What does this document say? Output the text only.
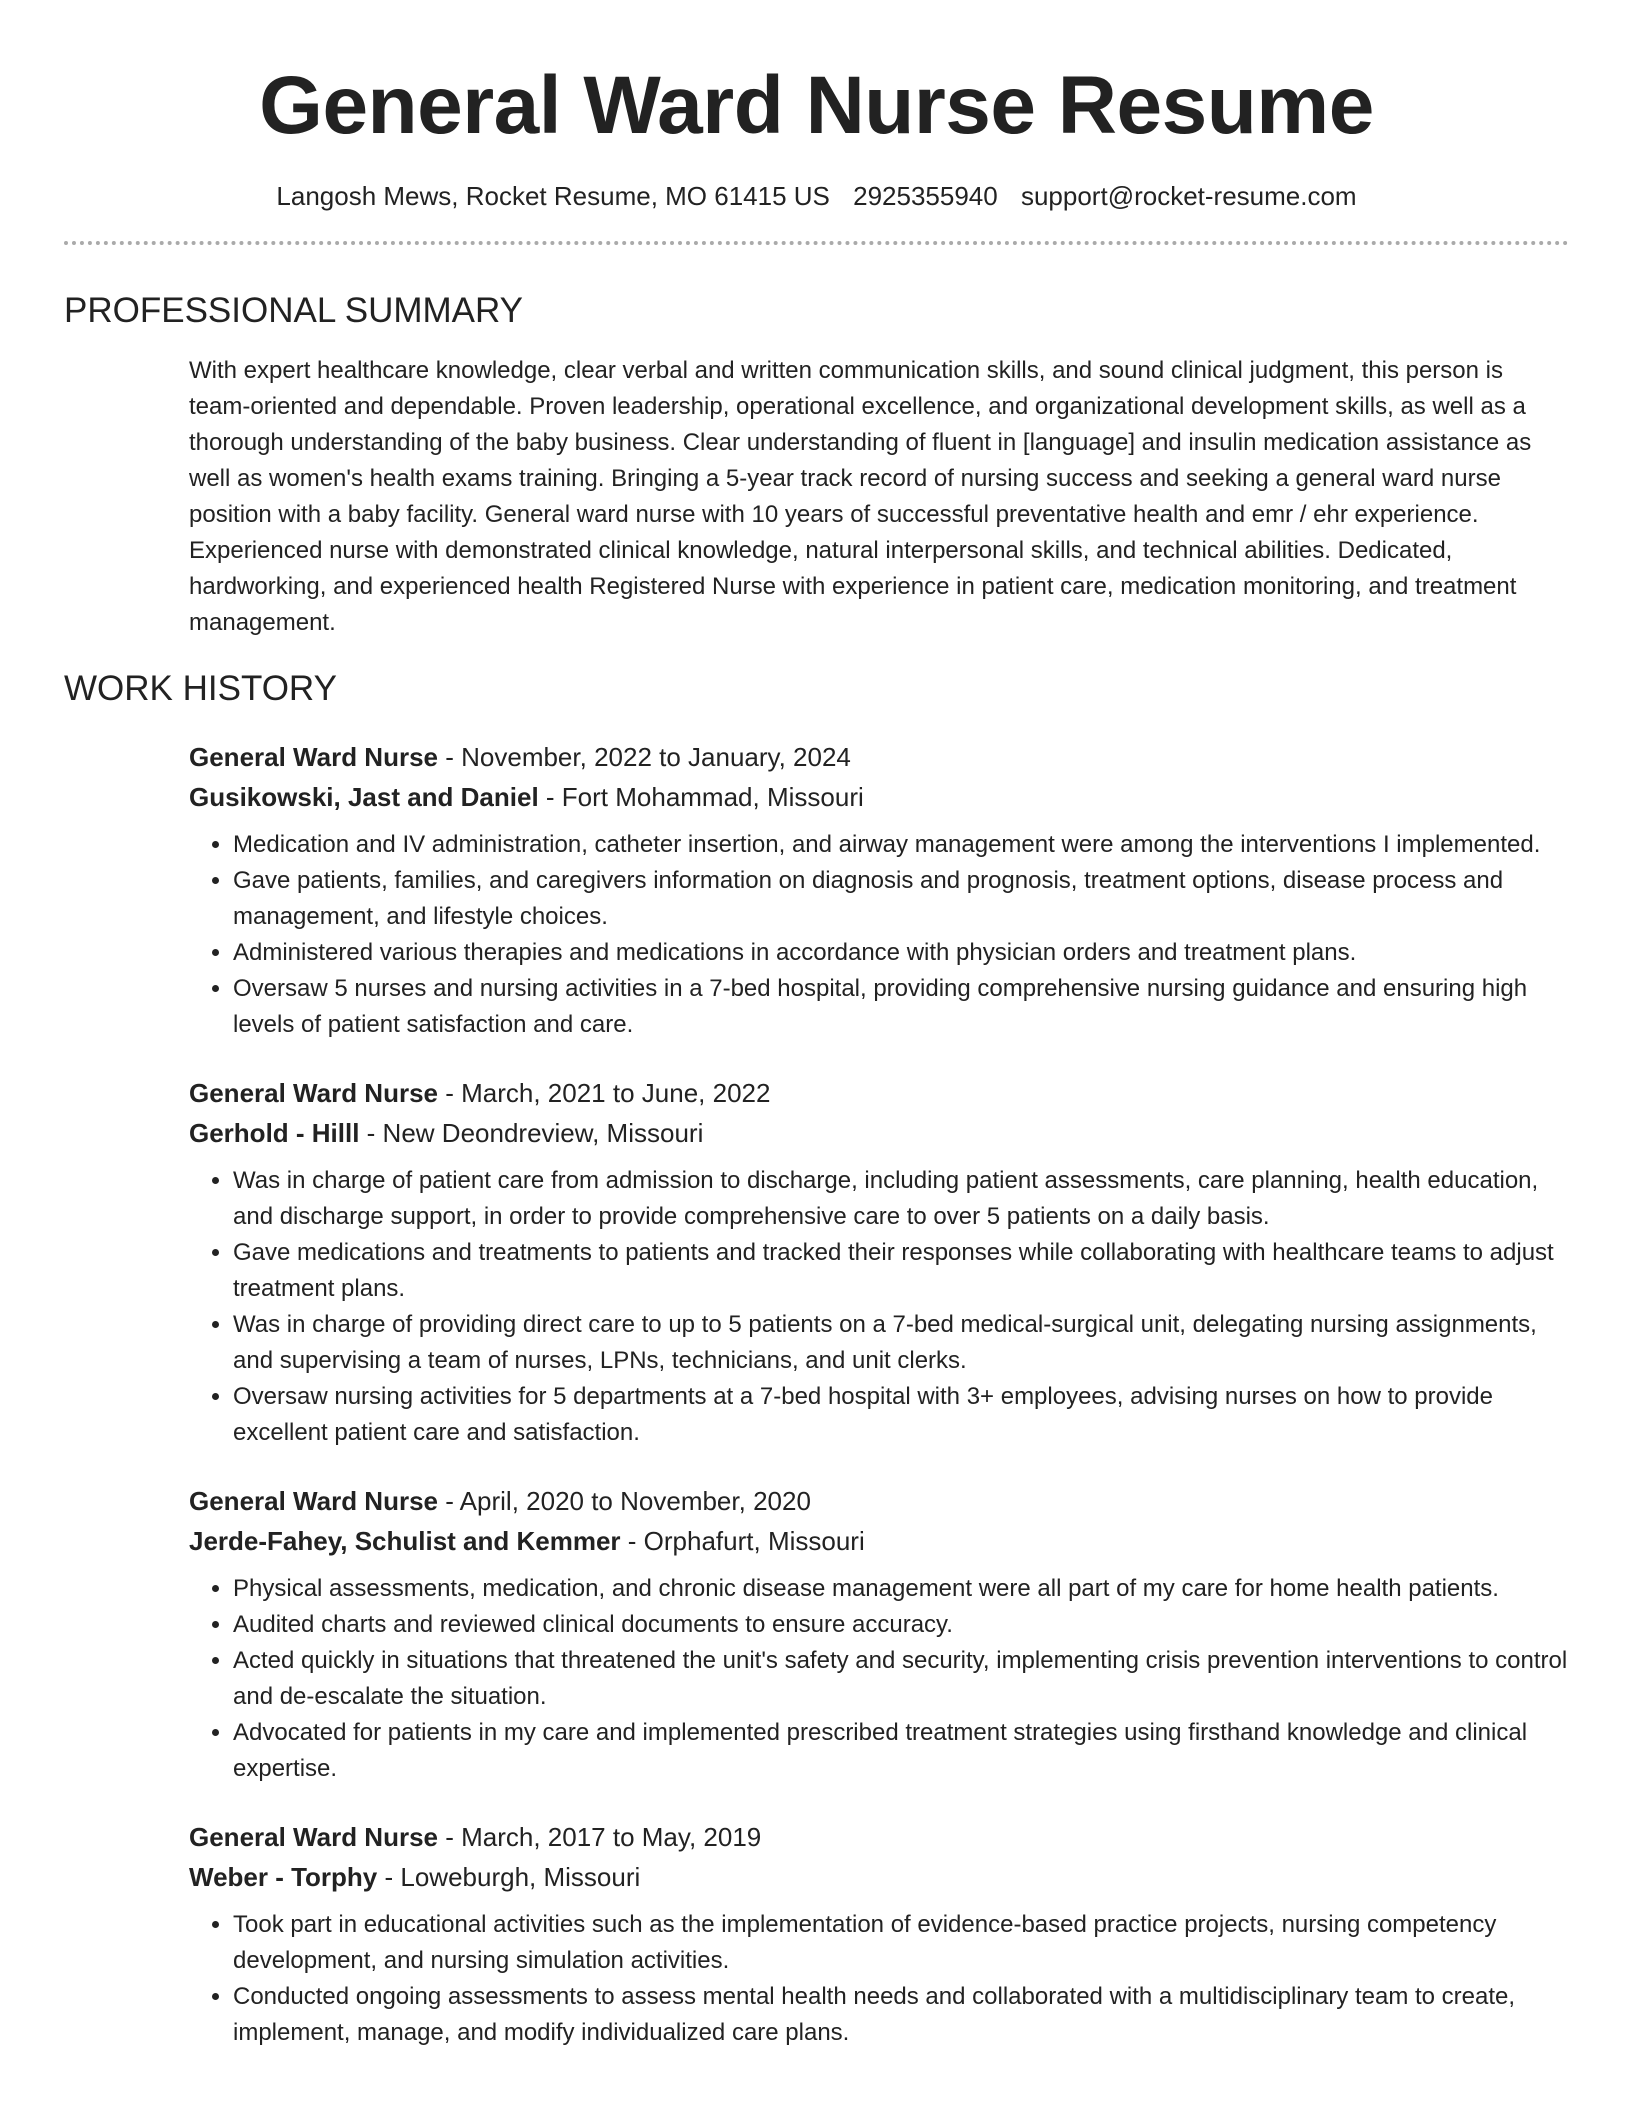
General Ward Nurse Resume
Langosh Mews, Rocket Resume, MO 61415 US 2925355940 support@rocket-resume.com
PROFESSIONAL SUMMARY
With expert healthcare knowledge, clear verbal and written communication skills, and sound clinical judgment, this person is team-oriented and dependable. Proven leadership, operational excellence, and organizational development skills, as well as a thorough understanding of the baby business. Clear understanding of fluent in [language] and insulin medication assistance as well as women's health exams training. Bringing a 5-year track record of nursing success and seeking a general ward nurse position with a baby facility. General ward nurse with 10 years of successful preventative health and emr / ehr experience. Experienced nurse with demonstrated clinical knowledge, natural interpersonal skills, and technical abilities. Dedicated, hardworking, and experienced health Registered Nurse with experience in patient care, medication monitoring, and treatment management.
WORK HISTORY
General Ward Nurse - November, 2022 to January, 2024
Gusikowski, Jast and Daniel - Fort Mohammad, Missouri
• Medication and IV administration, catheter insertion, and airway management were among the interventions I implemented.
• Gave patients, families, and caregivers information on diagnosis and prognosis, treatment options, disease process and management, and lifestyle choices.
• Administered various therapies and medications in accordance with physician orders and treatment plans.
• Oversaw 5 nurses and nursing activities in a 7-bed hospital, providing comprehensive nursing guidance and ensuring high levels of patient satisfaction and care.
General Ward Nurse - March, 2021 to June, 2022
Gerhold - Hilll - New Deondreview, Missouri
• Was in charge of patient care from admission to discharge, including patient assessments, care planning, health education, and discharge support, in order to provide comprehensive care to over 5 patients on a daily basis.
• Gave medications and treatments to patients and tracked their responses while collaborating with healthcare teams to adjust treatment plans.
• Was in charge of providing direct care to up to 5 patients on a 7-bed medical-surgical unit, delegating nursing assignments, and supervising a team of nurses, LPNs, technicians, and unit clerks.
• Oversaw nursing activities for 5 departments at a 7-bed hospital with 3+ employees, advising nurses on how to provide excellent patient care and satisfaction.
General Ward Nurse - April, 2020 to November, 2020
Jerde-Fahey, Schulist and Kemmer - Orphafurt, Missouri
• Physical assessments, medication, and chronic disease management were all part of my care for home health patients.
• Audited charts and reviewed clinical documents to ensure accuracy.
• Acted quickly in situations that threatened the unit's safety and security, implementing crisis prevention interventions to control and de-escalate the situation.
• Advocated for patients in my care and implemented prescribed treatment strategies using firsthand knowledge and clinical expertise.
General Ward Nurse - March, 2017 to May, 2019
Weber - Torphy - Loweburgh, Missouri
• Took part in educational activities such as the implementation of evidence-based practice projects, nursing competency development, and nursing simulation activities.
• Conducted ongoing assessments to assess mental health needs and collaborated with a multidisciplinary team to create, implement, manage, and modify individualized care plans.
